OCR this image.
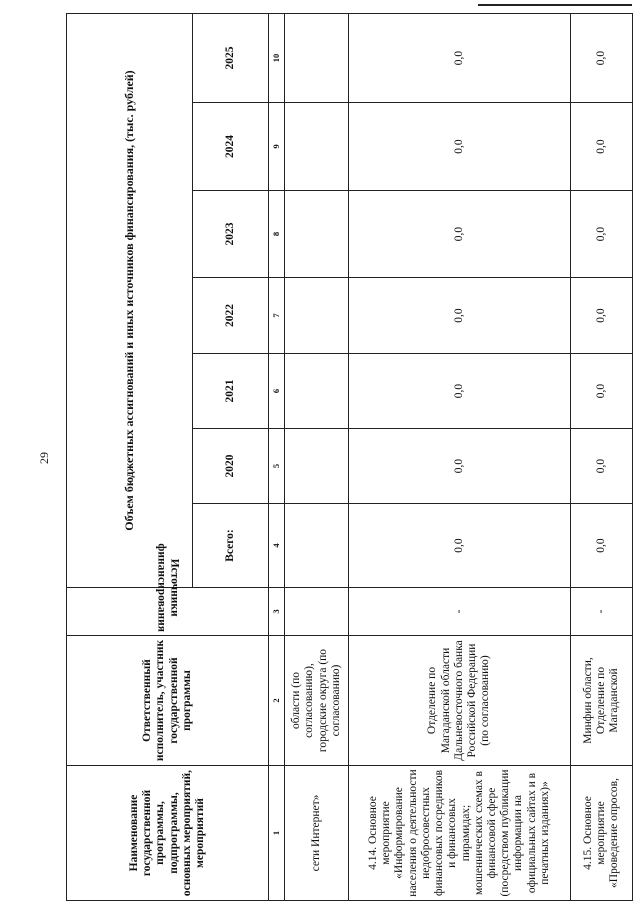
29
Наименование государственной программы, подпрограммы, основных мероприятий, мероприятий	Ответственный исполнитель, участник государственной программы	Источники финансирования	Объем бюджетных ассигнований и иных источников финансирования, (тыс. рублей)						
			Всего:	2020	2021	2022	2023	2024	2025
1	2	3	4	5	6	7	8	9	10
сети Интернет»	области (по согласованию), городские округа (по согласованию)								
4.14. Основное мероприятие «Информирование населения о деятельности недобросовестных финансовых посредников и финансовых пирамидах; мошеннических схемах в финансовой сфере (посредством публикации информации на официальных сайтах и в печатных изданиях)»	Отделение по Магаданской области Дальневосточного банка Российской Федерации (по согласованию)	-	0,0	0,0	0,0	0,0	0,0	0,0	0,0
4.15. Основное мероприятие «Проведение опросов,	Минфин области, Отделение по Магаданской	-	0,0	0,0	0,0	0,0	0,0	0,0	0,0
